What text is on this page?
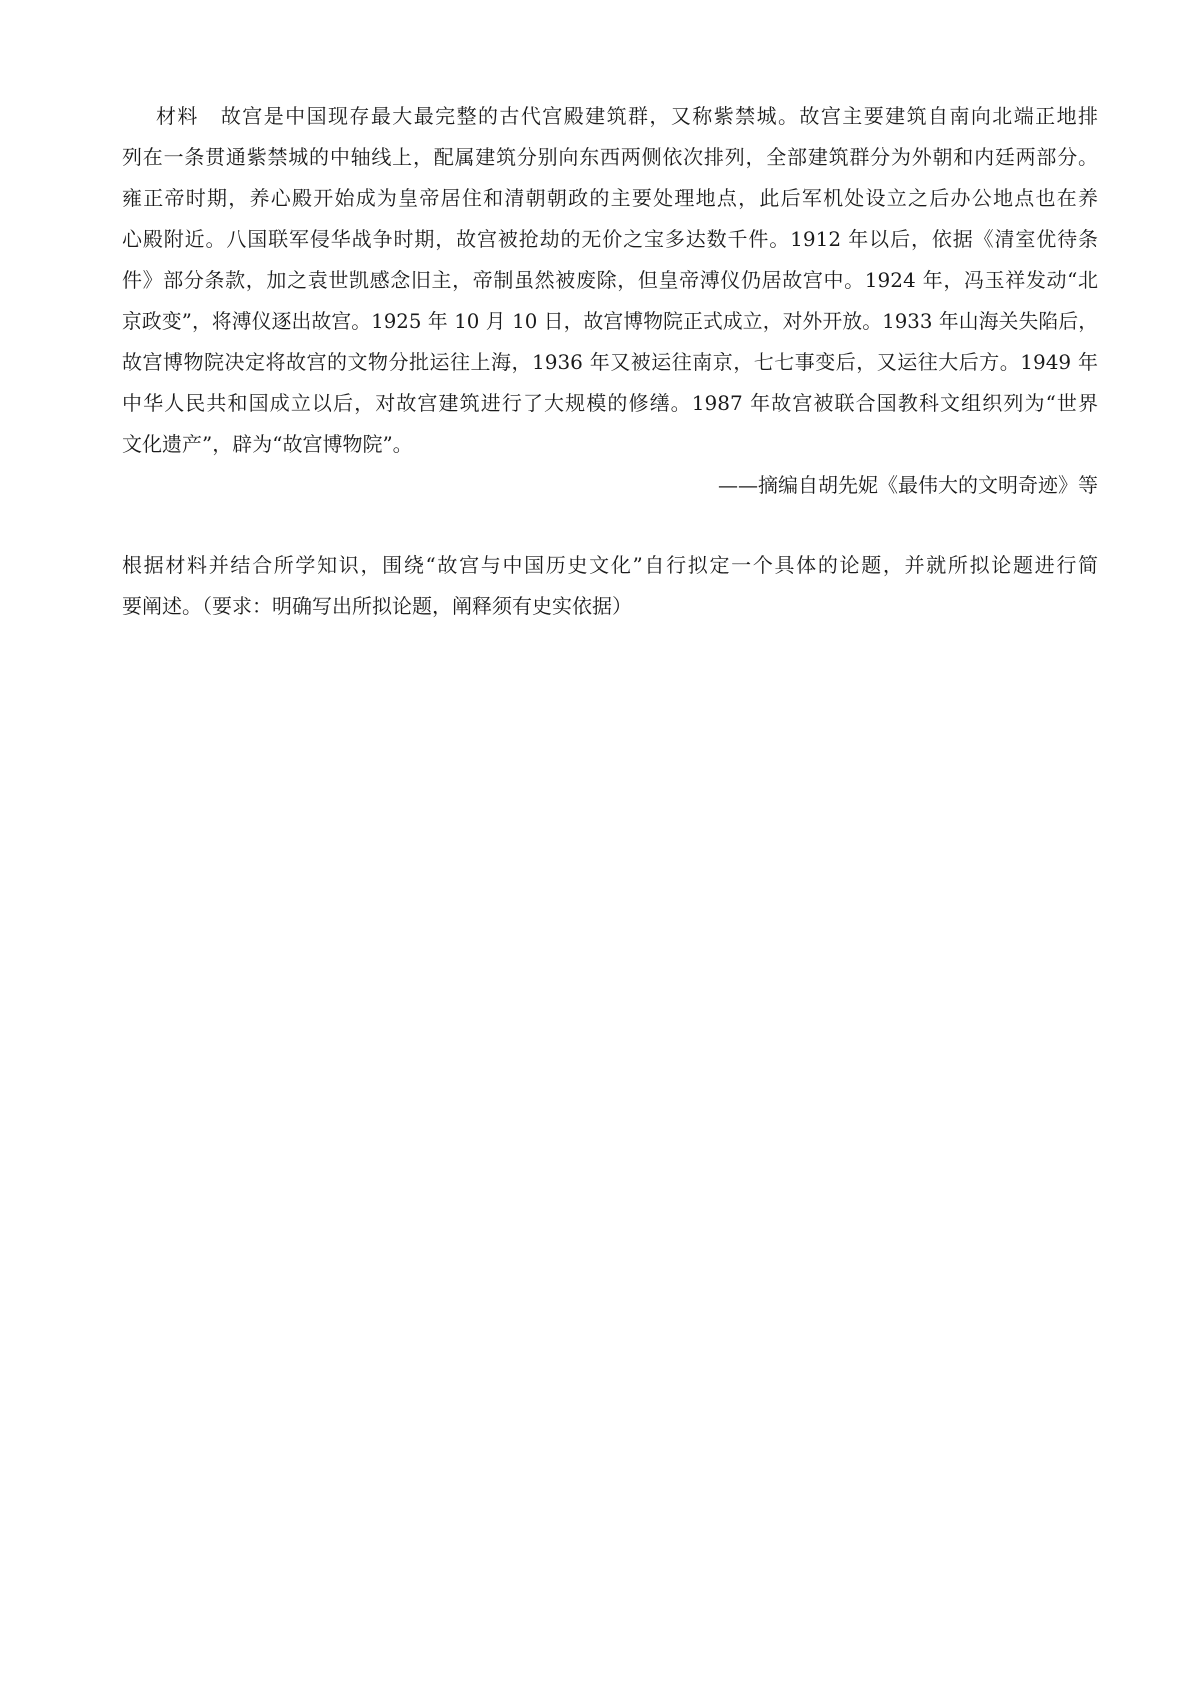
材料 故宫是中国现存最大最完整的古代宫殿建筑群，又称紫禁城。故宫主要建筑自南向北端正地排
列在一条贯通紫禁城的中轴线上，配属建筑分别向东西两侧依次排列，全部建筑群分为外朝和内廷两部分。
雍正帝时期，养心殿开始成为皇帝居住和清朝朝政的主要处理地点，此后军机处设立之后办公地点也在养
心殿附近。八国联军侵华战争时期，故宫被抢劫的无价之宝多达数千件。1912 年以后，依据《清室优待条
件》部分条款，加之袁世凯感念旧主，帝制虽然被废除，但皇帝溥仪仍居故宫中。1924 年，冯玉祥发动“北
京政变”，将溥仪逐出故宫。1925 年 10 月 10 日，故宫博物院正式成立，对外开放。1933 年山海关失陷后，
故宫博物院决定将故宫的文物分批运往上海，1936 年又被运往南京，七七事变后，又运往大后方。1949 年
中华人民共和国成立以后，对故宫建筑进行了大规模的修缮。1987 年故宫被联合国教科文组织列为“世界
文化遗产”，辟为“故宫博物院”。
——摘编自胡先妮《最伟大的文明奇迹》等
根据材料并结合所学知识，围绕“故宫与中国历史文化”自行拟定一个具体的论题，并就所拟论题进行简
要阐述。（要求：明确写出所拟论题，阐释须有史实依据）
